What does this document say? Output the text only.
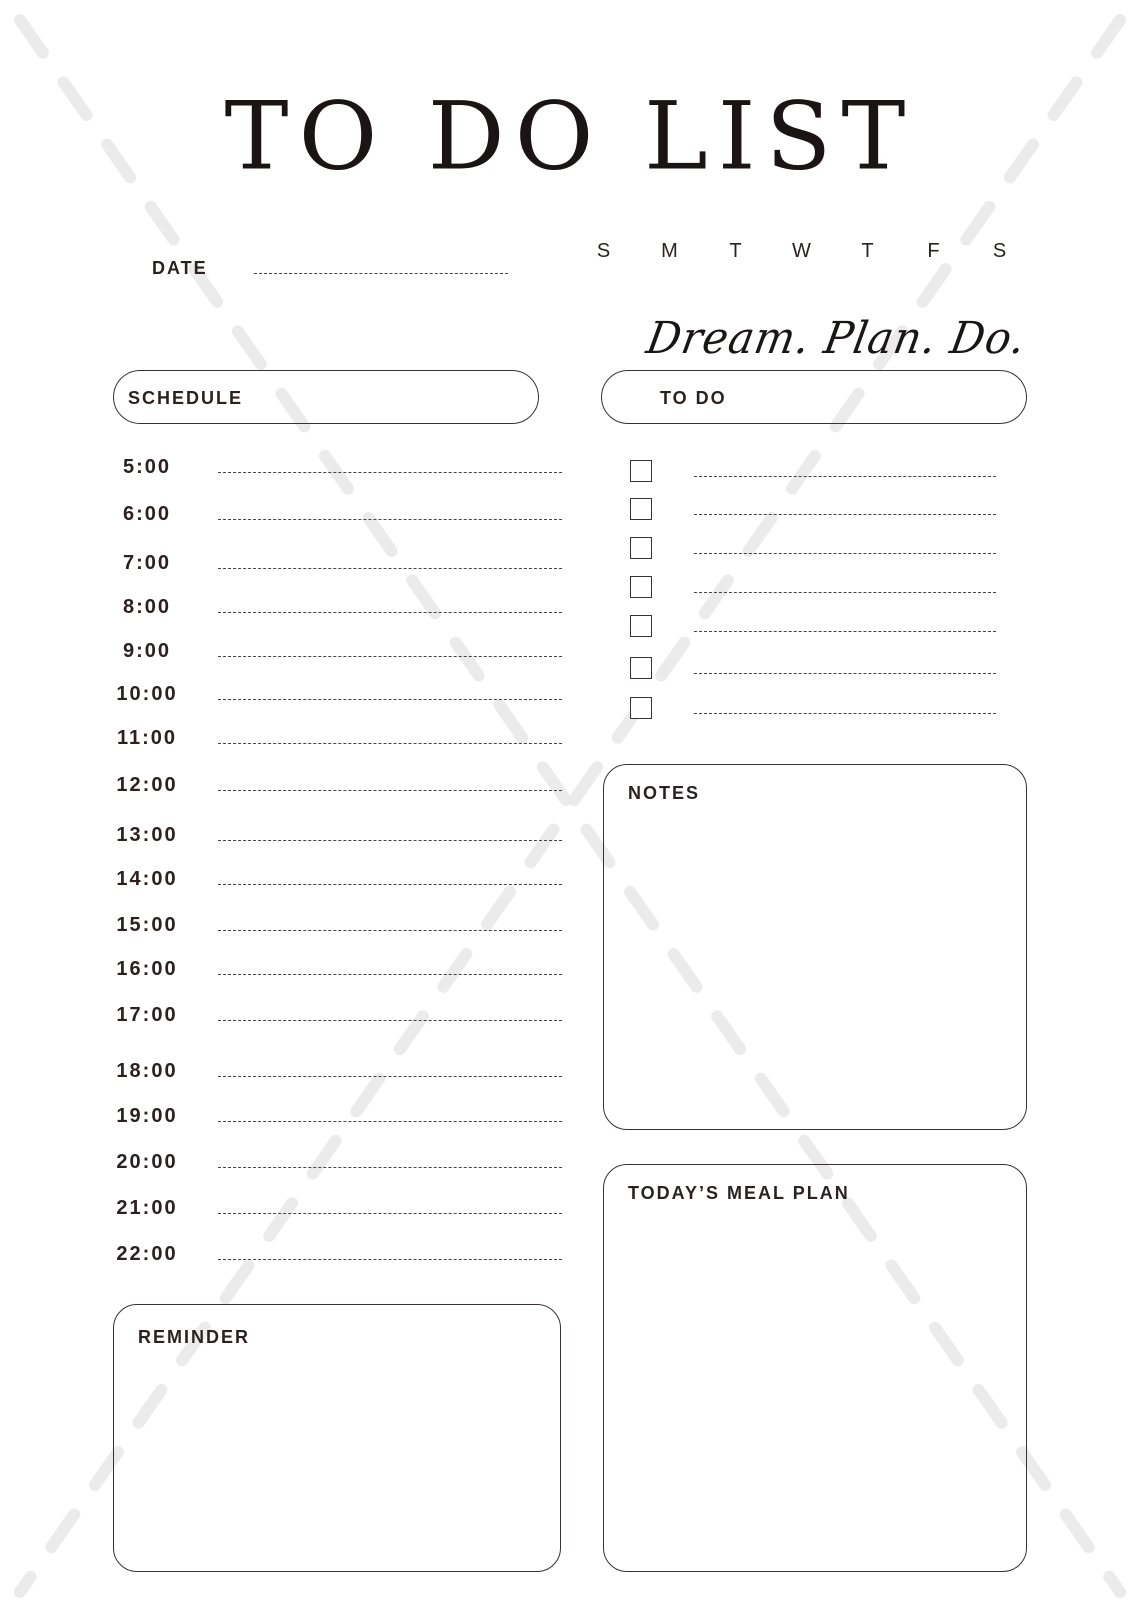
TO DO LIST
DATE
S M	T W T	F	S
Dream. Plan. Do.
SCHEDULE	TO DO
5:00
6:00
7:00
8:00
9:00
10:00
11:00
12:00
13:00
14:00
15:00
16:00
17:00
18:00
19:00
20:00
21:00
22:00
NOTES
TODAY’S MEAL PLAN
REMINDER
